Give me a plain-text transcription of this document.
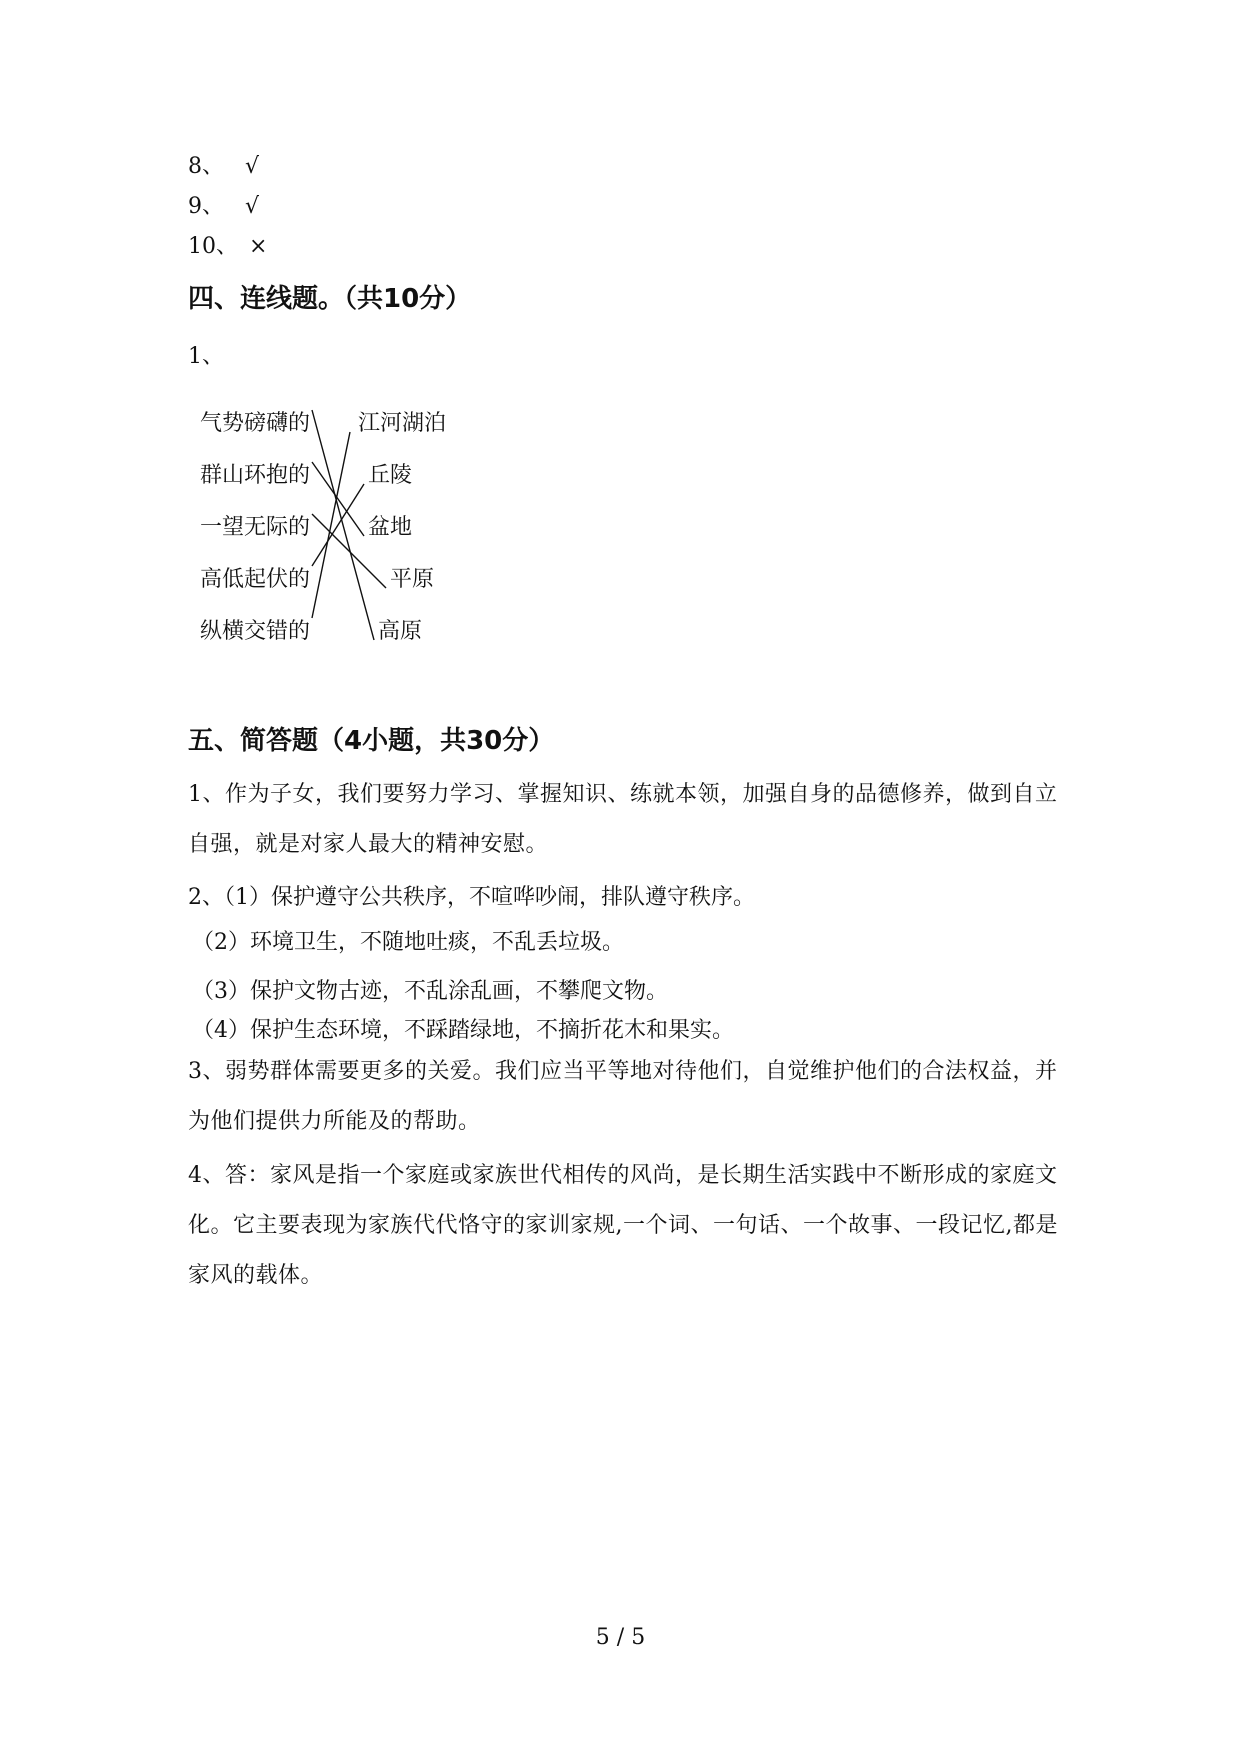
8、 √
9、 √
10、 ×
四、连线题。（共10分）
1、
气势磅礴的
群山环抱的
一望无际的
高低起伏的
纵横交错的
江河湖泊
丘陵
盆地
平原
高原
五、简答题（4小题，共30分）
1、作为子女，我们要努力学习、掌握知识、练就本领，加强自身的品德修养，做到自立自强，就是对家人最大的精神安慰。
2、（1）保护遵守公共秩序，不喧哗吵闹，排队遵守秩序。
（2）环境卫生，不随地吐痰，不乱丢垃圾。
（3）保护文物古迹，不乱涂乱画，不攀爬文物。
（4）保护生态环境，不踩踏绿地，不摘折花木和果实。
3、弱势群体需要更多的关爱。我们应当平等地对待他们，自觉维护他们的合法权益，并为他们提供力所能及的帮助。
4、答：家风是指一个家庭或家族世代相传的风尚，是长期生活实践中不断形成的家庭文化。它主要表现为家族代代恪守的家训家规,一个词、一句话、一个故事、一段记忆,都是家风的载体。
5 / 5
